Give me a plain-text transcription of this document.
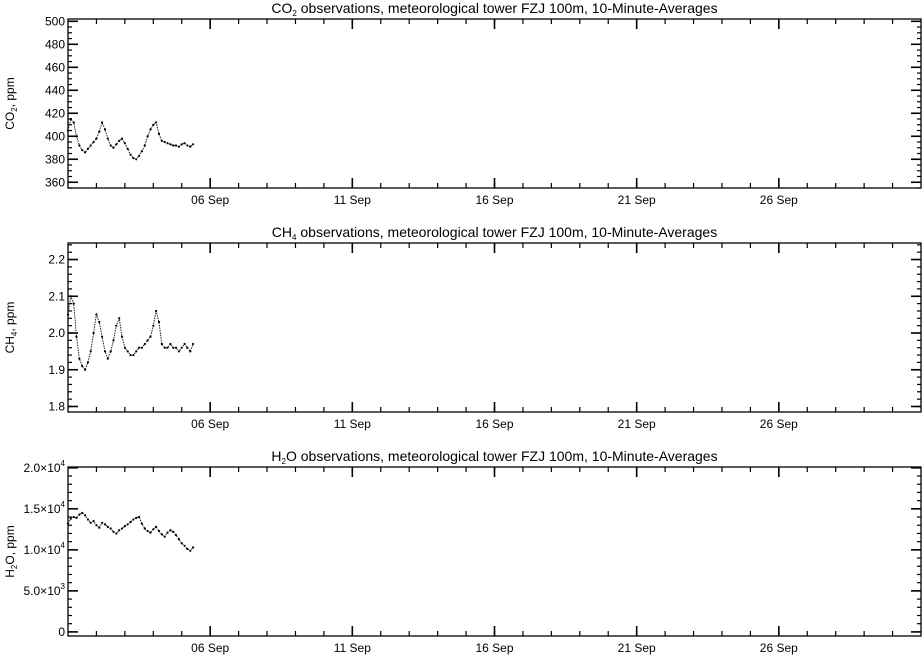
$CO_2$ observations, meteorological tower FZJ 100m, 10-Minute-Averages
360
380
400
420
440
460
480
500
06 Sep	11 Sep	16 Sep	21 Sep	26 Sep
$CO_2$, ppm
$CH_4$ observations, meteorological tower FZJ 100m, 10-Minute-Averages
1.8
1.9
2.0
2.1
2.2
06 Sep	11 Sep	16 Sep	21 Sep	26 Sep
$CH_4$, ppm
$H_2O$ observations, meteorological tower FZJ 100m, 10-Minute-Averages
0
$5.0\times 10^3$
$1.0\times 10^4$
$1.5\times 10^4$
$2.0\times 10^4$
06 Sep	11 Sep	16 Sep	21 Sep	26 Sep
$H_2O$, ppm
